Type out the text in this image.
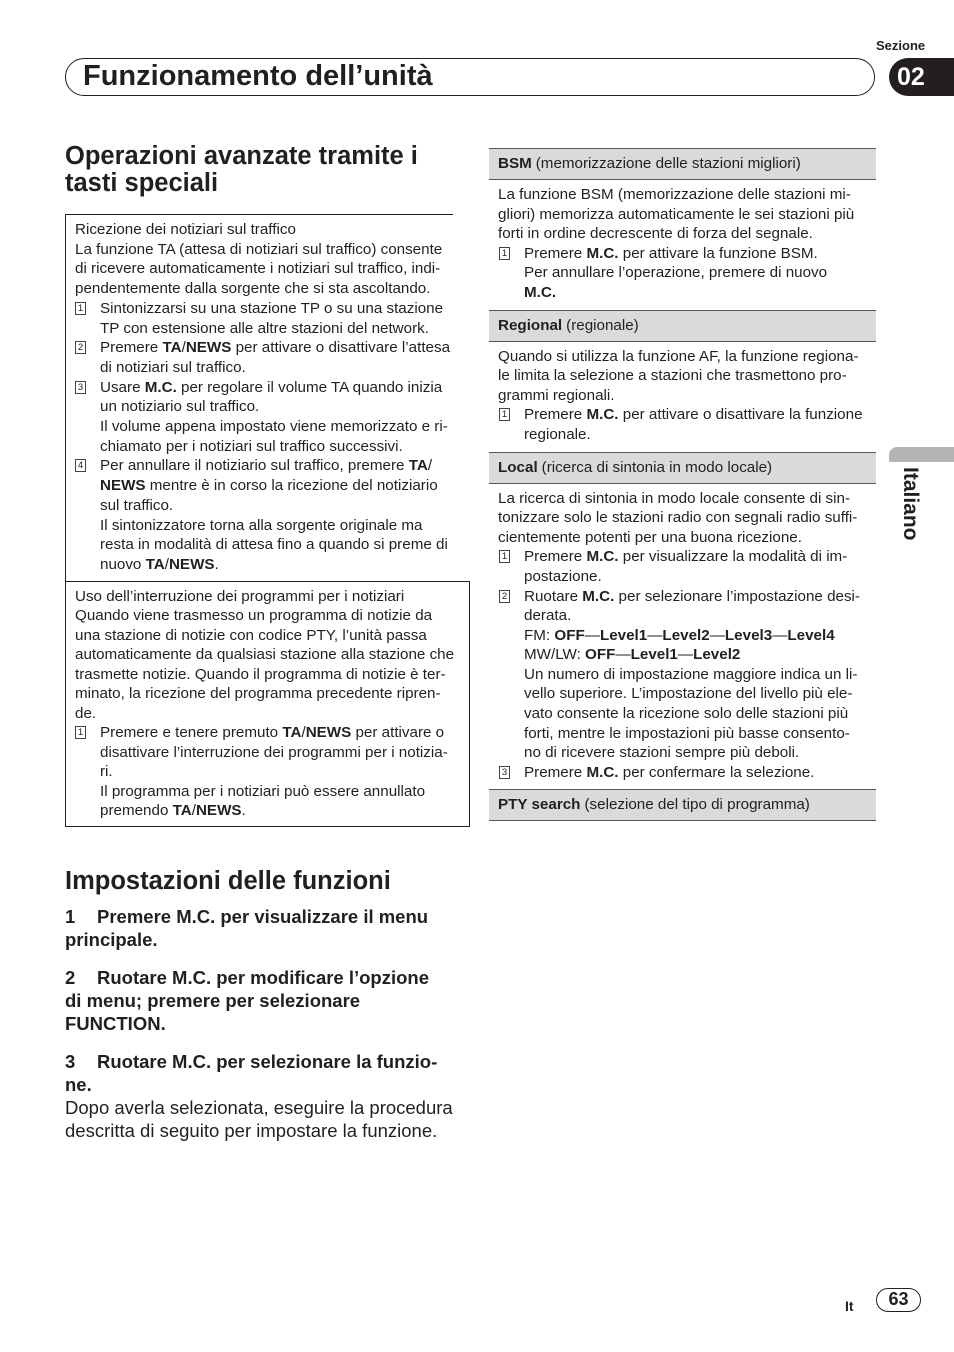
Sezione
Funzionamento dell’unità	02
Operazioni avanzate tramite i
tasti speciali
Ricezione dei notiziari sul traffico
La funzione TA (attesa di notiziari sul traffico) consente
di ricevere automaticamente i notiziari sul traffico, indi-
pendentemente dalla sorgente che si sta ascoltando.
1 Sintonizzarsi su una stazione TP o su una stazione
TP con estensione alle altre stazioni del network.
2 Premere TA/NEWS per attivare o disattivare l’attesa
di notiziari sul traffico.
3 Usare M.C. per regolare il volume TA quando inizia
un notiziario sul traffico.
Il volume appena impostato viene memorizzato e ri-
chiamato per i notiziari sul traffico successivi.
4 Per annullare il notiziario sul traffico, premere TA/
NEWS mentre è in corso la ricezione del notiziario
sul traffico.
Il sintonizzatore torna alla sorgente originale ma
resta in modalità di attesa fino a quando si preme di
nuovo TA/NEWS.
Uso dell’interruzione dei programmi per i notiziari
Quando viene trasmesso un programma di notizie da
una stazione di notizie con codice PTY, l’unità passa
automaticamente da qualsiasi stazione alla stazione che
trasmette notizie. Quando il programma di notizie è ter-
minato, la ricezione del programma precedente ripren-
de.
1 Premere e tenere premuto TA/NEWS per attivare o
disattivare l’interruzione dei programmi per i notizia-
ri.
Il programma per i notiziari può essere annullato
premendo TA/NEWS.
Impostazioni delle funzioni
1 Premere M.C. per visualizzare il menu
principale.
2 Ruotare M.C. per modificare l’opzione
di menu; premere per selezionare
FUNCTION.
3 Ruotare M.C. per selezionare la funzio-
ne.
Dopo averla selezionata, eseguire la procedura
descritta di seguito per impostare la funzione.
BSM (memorizzazione delle stazioni migliori)
La funzione BSM (memorizzazione delle stazioni mi-
gliori) memorizza automaticamente le sei stazioni più
forti in ordine decrescente di forza del segnale.
1 Premere M.C. per attivare la funzione BSM.
Per annullare l’operazione, premere di nuovo
M.C.
Regional (regionale)
Quando si utilizza la funzione AF, la funzione regiona-
le limita la selezione a stazioni che trasmettono pro-
grammi regionali.
1 Premere M.C. per attivare o disattivare la funzione
regionale.
Local (ricerca di sintonia in modo locale)
La ricerca di sintonia in modo locale consente di sin-
tonizzare solo le stazioni radio con segnali radio suffi-
cientemente potenti per una buona ricezione.
1 Premere M.C. per visualizzare la modalità di im-
postazione.
2 Ruotare M.C. per selezionare l’impostazione desi-
derata.
FM: OFF—Level1—Level2—Level3—Level4
MW/LW: OFF—Level1—Level2
Un numero di impostazione maggiore indica un li-
vello superiore. L’impostazione del livello più ele-
vato consente la ricezione solo delle stazioni più
forti, mentre le impostazioni più basse consento-
no di ricevere stazioni sempre più deboli.
3 Premere M.C. per confermare la selezione.
PTY search (selezione del tipo di programma)
Italiano
It	63
